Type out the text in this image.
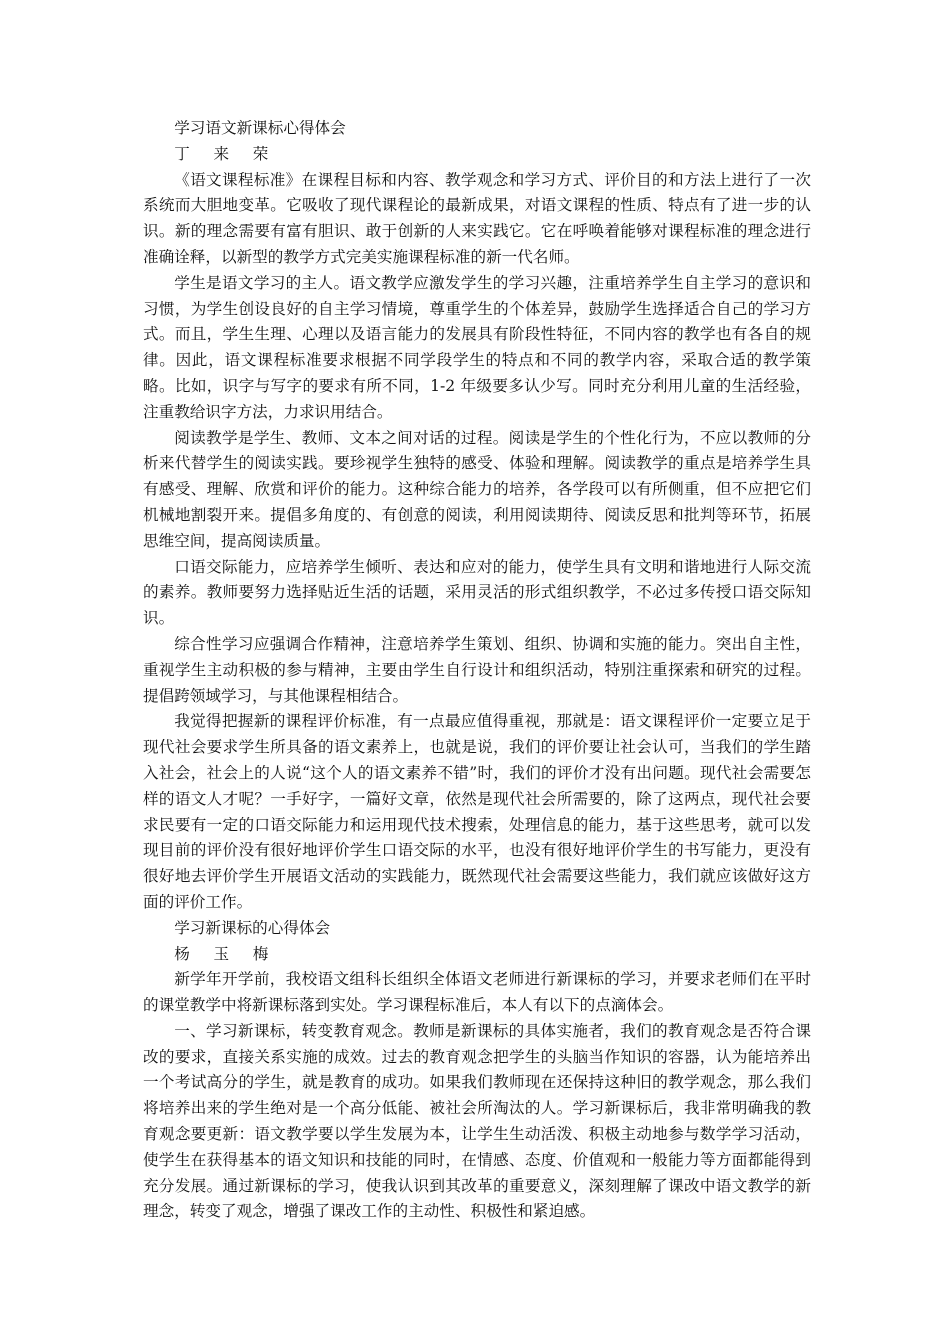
学习语文新课标心得体会

丁 来 荣

《语文课程标准》在课程目标和内容、教学观念和学习方式、评价目的和方法上进行了一次系统而大胆地变革。它吸收了现代课程论的最新成果，对语文课程的性质、特点有了进一步的认识。新的理念需要有富有胆识、敢于创新的人来实践它。它在呼唤着能够对课程标准的理念进行准确诠释，以新型的教学方式完美实施课程标准的新一代名师。

学生是语文学习的主人。语文教学应激发学生的学习兴趣，注重培养学生自主学习的意识和习惯，为学生创设良好的自主学习情境，尊重学生的个体差异，鼓励学生选择适合自己的学习方式。而且，学生生理、心理以及语言能力的发展具有阶段性特征，不同内容的教学也有各自的规律。因此，语文课程标准要求根据不同学段学生的特点和不同的教学内容，采取合适的教学策略。比如，识字与写字的要求有所不同，1-2 年级要多认少写。同时充分利用儿童的生活经验，注重教给识字方法，力求识用结合。

阅读教学是学生、教师、文本之间对话的过程。阅读是学生的个性化行为，不应以教师的分析来代替学生的阅读实践。要珍视学生独特的感受、体验和理解。阅读教学的重点是培养学生具有感受、理解、欣赏和评价的能力。这种综合能力的培养，各学段可以有所侧重，但不应把它们机械地割裂开来。提倡多角度的、有创意的阅读，利用阅读期待、阅读反思和批判等环节，拓展思维空间，提高阅读质量。

口语交际能力，应培养学生倾听、表达和应对的能力，使学生具有文明和谐地进行人际交流的素养。教师要努力选择贴近生活的话题，采用灵活的形式组织教学，不必过多传授口语交际知识。

综合性学习应强调合作精神，注意培养学生策划、组织、协调和实施的能力。突出自主性，重视学生主动积极的参与精神，主要由学生自行设计和组织活动，特别注重探索和研究的过程。提倡跨领域学习，与其他课程相结合。

我觉得把握新的课程评价标准，有一点最应值得重视，那就是：语文课程评价一定要立足于现代社会要求学生所具备的语文素养上，也就是说，我们的评价要让社会认可，当我们的学生踏入社会，社会上的人说“这个人的语文素养不错”时，我们的评价才没有出问题。现代社会需要怎样的语文人才呢？一手好字，一篇好文章，依然是现代社会所需要的，除了这两点，现代社会要求民要有一定的口语交际能力和运用现代技术搜索，处理信息的能力，基于这些思考，就可以发现目前的评价没有很好地评价学生口语交际的水平，也没有很好地评价学生的书写能力，更没有很好地去评价学生开展语文活动的实践能力，既然现代社会需要这些能力，我们就应该做好这方面的评价工作。

学习新课标的心得体会

杨 玉 梅

新学年开学前，我校语文组科长组织全体语文老师进行新课标的学习，并要求老师们在平时的课堂教学中将新课标落到实处。学习课程标准后，本人有以下的点滴体会。

一、学习新课标，转变教育观念。教师是新课标的具体实施者，我们的教育观念是否符合课改的要求，直接关系实施的成效。过去的教育观念把学生的头脑当作知识的容器，认为能培养出一个考试高分的学生，就是教育的成功。如果我们教师现在还保持这种旧的教学观念，那么我们将培养出来的学生绝对是一个高分低能、被社会所淘汰的人。学习新课标后，我非常明确我的教育观念要更新：语文教学要以学生发展为本，让学生生动活泼、积极主动地参与数学学习活动，使学生在获得基本的语文知识和技能的同时，在情感、态度、价值观和一般能力等方面都能得到充分发展。通过新课标的学习，使我认识到其改革的重要意义，深刻理解了课改中语文教学的新理念，转变了观念，增强了课改工作的主动性、积极性和紧迫感。
